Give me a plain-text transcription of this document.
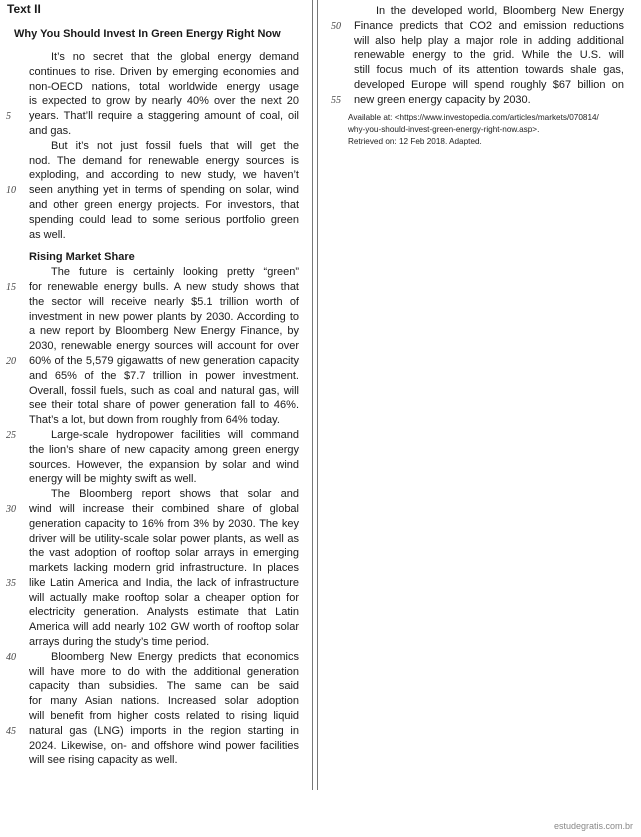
Text II
Why You Should Invest In Green Energy Right Now
It’s no secret that the global energy demand
continues to rise. Driven by emerging economies and
non-OECD nations, total worldwide energy usage
is expected to grow by nearly 40% over the next 20
years. That’ll require a staggering amount of coal, oil
and gas.
But it’s not just fossil fuels that will get the
nod. The demand for renewable energy sources is
exploding, and according to new study, we haven’t
seen anything yet in terms of spending on solar, wind
and other green energy projects. For investors, that
spending could lead to some serious portfolio green
as well.
Rising Market Share
The future is certainly looking pretty “green”
for renewable energy bulls. A new study shows that
the sector will receive nearly $5.1 trillion worth of
investment in new power plants by 2030. According to
a new report by Bloomberg New Energy Finance, by
2030, renewable energy sources will account for over
60% of the 5,579 gigawatts of new generation capacity
and 65% of the $7.7 trillion in power investment.
Overall, fossil fuels, such as coal and natural gas, will
see their total share of power generation fall to 46%.
That’s a lot, but down from roughly from 64% today.
Large-scale hydropower facilities will command
the lion’s share of new capacity among green energy
sources. However, the expansion by solar and wind
energy will be mighty swift as well.
The Bloomberg report shows that solar and
wind will increase their combined share of global
generation capacity to 16% from 3% by 2030. The key
driver will be utility-scale solar power plants, as well as
the vast adoption of rooftop solar arrays in emerging
markets lacking modern grid infrastructure. In places
like Latin America and India, the lack of infrastructure
will actually make rooftop solar a cheaper option for
electricity generation. Analysts estimate that Latin
America will add nearly 102 GW worth of rooftop solar
arrays during the study’s time period.
Bloomberg New Energy predicts that economics
will have more to do with the additional generation
capacity than subsidies. The same can be said
for many Asian nations. Increased solar adoption
will benefit from higher costs related to rising liquid
natural gas (LNG) imports in the region starting in
2024. Likewise, on- and offshore wind power facilities
will see rising capacity as well.
In the developed world, Bloomberg New Energy
Finance predicts that CO2 and emission reductions
will also help play a major role in adding additional
renewable energy to the grid. While the U.S. will
still focus much of its attention towards shale gas,
developed Europe will spend roughly $67 billion on
new green energy capacity by 2030.
5
10
15
20
25
30
35
40
45
50
55
Available at: <https://www.investopedia.com/articles/markets/070814/
why-you-should-invest-green-energy-right-now.asp>.
Retrieved on: 12 Feb 2018. Adapted.
estudegratis.com.br
